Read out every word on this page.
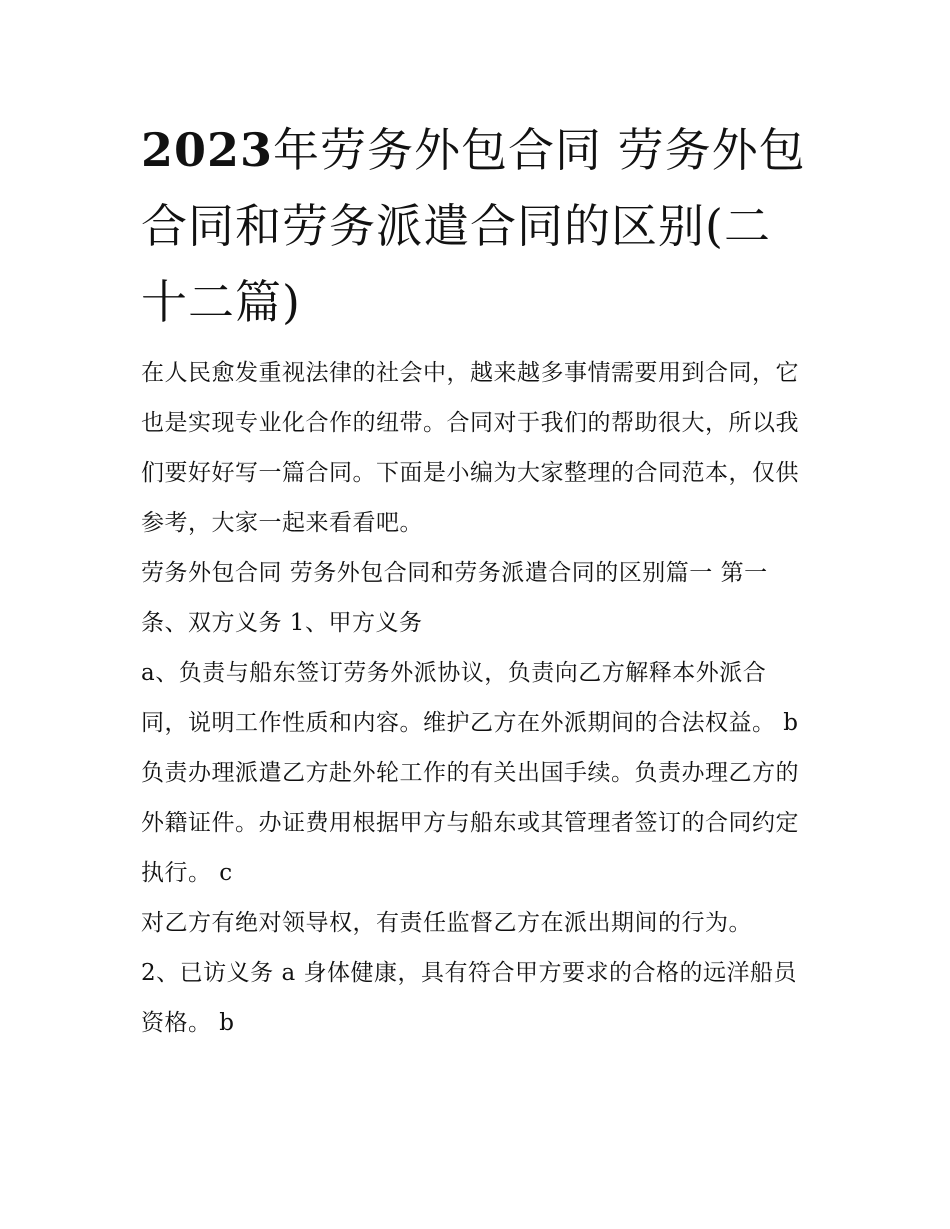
2023年劳务外包合同 劳务外包合同和劳务派遣合同的区别(二十二篇)

在人民愈发重视法律的社会中，越来越多事情需要用到合同，它也是实现专业化合作的纽带。合同对于我们的帮助很大，所以我们要好好写一篇合同。下面是小编为大家整理的合同范本，仅供参考，大家一起来看看吧。

劳务外包合同 劳务外包合同和劳务派遣合同的区别篇一 第一条、双方义务 1、甲方义务

a、负责与船东签订劳务外派协议，负责向乙方解释本外派合同，说明工作性质和内容。维护乙方在外派期间的合法权益。 b

负责办理派遣乙方赴外轮工作的有关出国手续。负责办理乙方的外籍证件。办证费用根据甲方与船东或其管理者签订的合同约定执行。 c

对乙方有绝对领导权，有责任监督乙方在派出期间的行为。

2、已访义务 a 身体健康，具有符合甲方要求的合格的远洋船员资格。 b
